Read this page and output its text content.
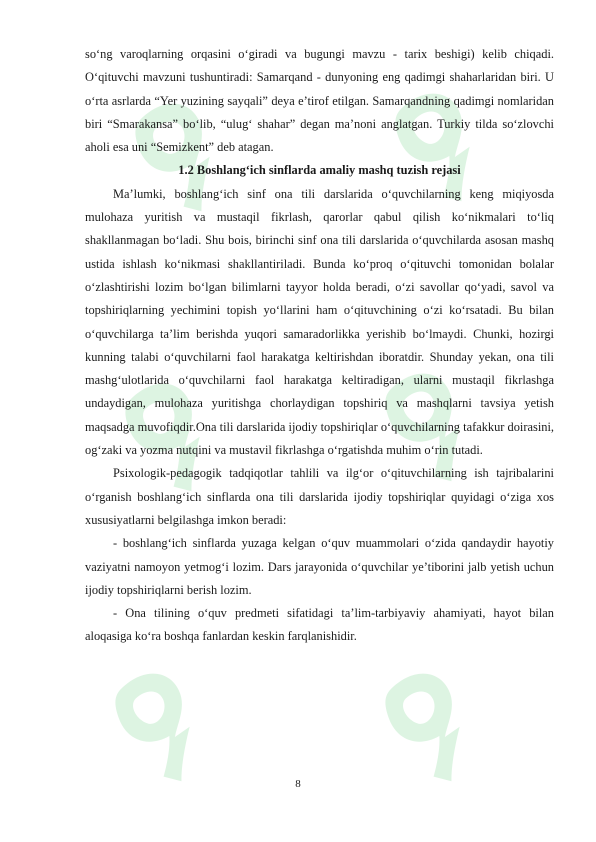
so‘ng varoqlarning orqasini o‘giradi va bugungi mavzu - tarix beshigi) kelib chiqadi. O‘qituvchi mavzuni tushuntiradi: Samarqand - dunyoning eng qadimgi shaharlaridan biri. U o‘rta asrlarda “Yer yuzining sayqali” deya e’tirof etilgan. Samarqandning qadimgi nomlaridan biri “Smarakansa” bo‘lib, “ulug‘ shahar” degan ma’noni anglatgan. Turkiy tilda so‘zlovchi aholi esa uni “Semizkent” deb atagan.

1.2 Boshlang‘ich sinflarda amaliy mashq tuzish rejasi

Ma’lumki, boshlang‘ich sinf ona tili darslarida o‘quvchilarning keng miqiyosda mulohaza yuritish va mustaqil fikrlash, qarorlar qabul qilish ko‘nikmalari to‘liq shakllanmagan bo‘ladi. Shu bois, birinchi sinf ona tili darslarida o‘quvchilarda asosan mashq ustida ishlash ko‘nikmasi shakllantiriladi. Bunda ko‘proq o‘qituvchi tomonidan bolalar o‘zlashtirishi lozim bo‘lgan bilimlarni tayyor holda beradi, o‘zi savollar qo‘yadi, savol va topshiriqlarning yechimini topish yo‘llarini ham o‘qituvchining o‘zi ko‘rsatadi. Bu bilan o‘quvchilarga ta’lim berishda yuqori samaradorlikka yerishib bo‘lmaydi. Chunki, hozirgi kunning talabi o‘quvchilarni faol harakatga keltirishdan iboratdir. Shunday yekan, ona tili mashg‘ulotlarida o‘quvchilarni faol harakatga keltiradigan, ularni mustaqil fikrlashga undaydigan, mulohaza yuritishga chorlaydigan topshiriq va mashqlarni tavsiya yetish maqsadga muvofiqdir.Ona tili darslarida ijodiy topshiriqlar o‘quvchilarning tafakkur doirasini, og‘zaki va yozma nutqini va mustavil fikrlashga o‘rgatishda muhim o‘rin tutadi.

Psixologik-pedagogik tadqiqotlar tahlili va ilg‘or o‘qituvchilarning ish tajribalarini o‘rganish boshlang‘ich sinflarda ona tili darslarida ijodiy topshiriqlar quyidagi o‘ziga xos xususiyatlarni belgilashga imkon beradi:

- boshlang‘ich sinflarda yuzaga kelgan o‘quv muammolari o‘zida qandaydir hayotiy vaziyatni namoyon yetmog‘i lozim. Dars jarayonida o‘quvchilar ye’tiborini jalb yetish uchun ijodiy topshiriqlarni berish lozim.

- Ona tilining o‘quv predmeti sifatidagi ta’lim-tarbiyaviy ahamiyati, hayot bilan aloqasiga ko‘ra boshqa fanlardan keskin farqlanishidir.

8
